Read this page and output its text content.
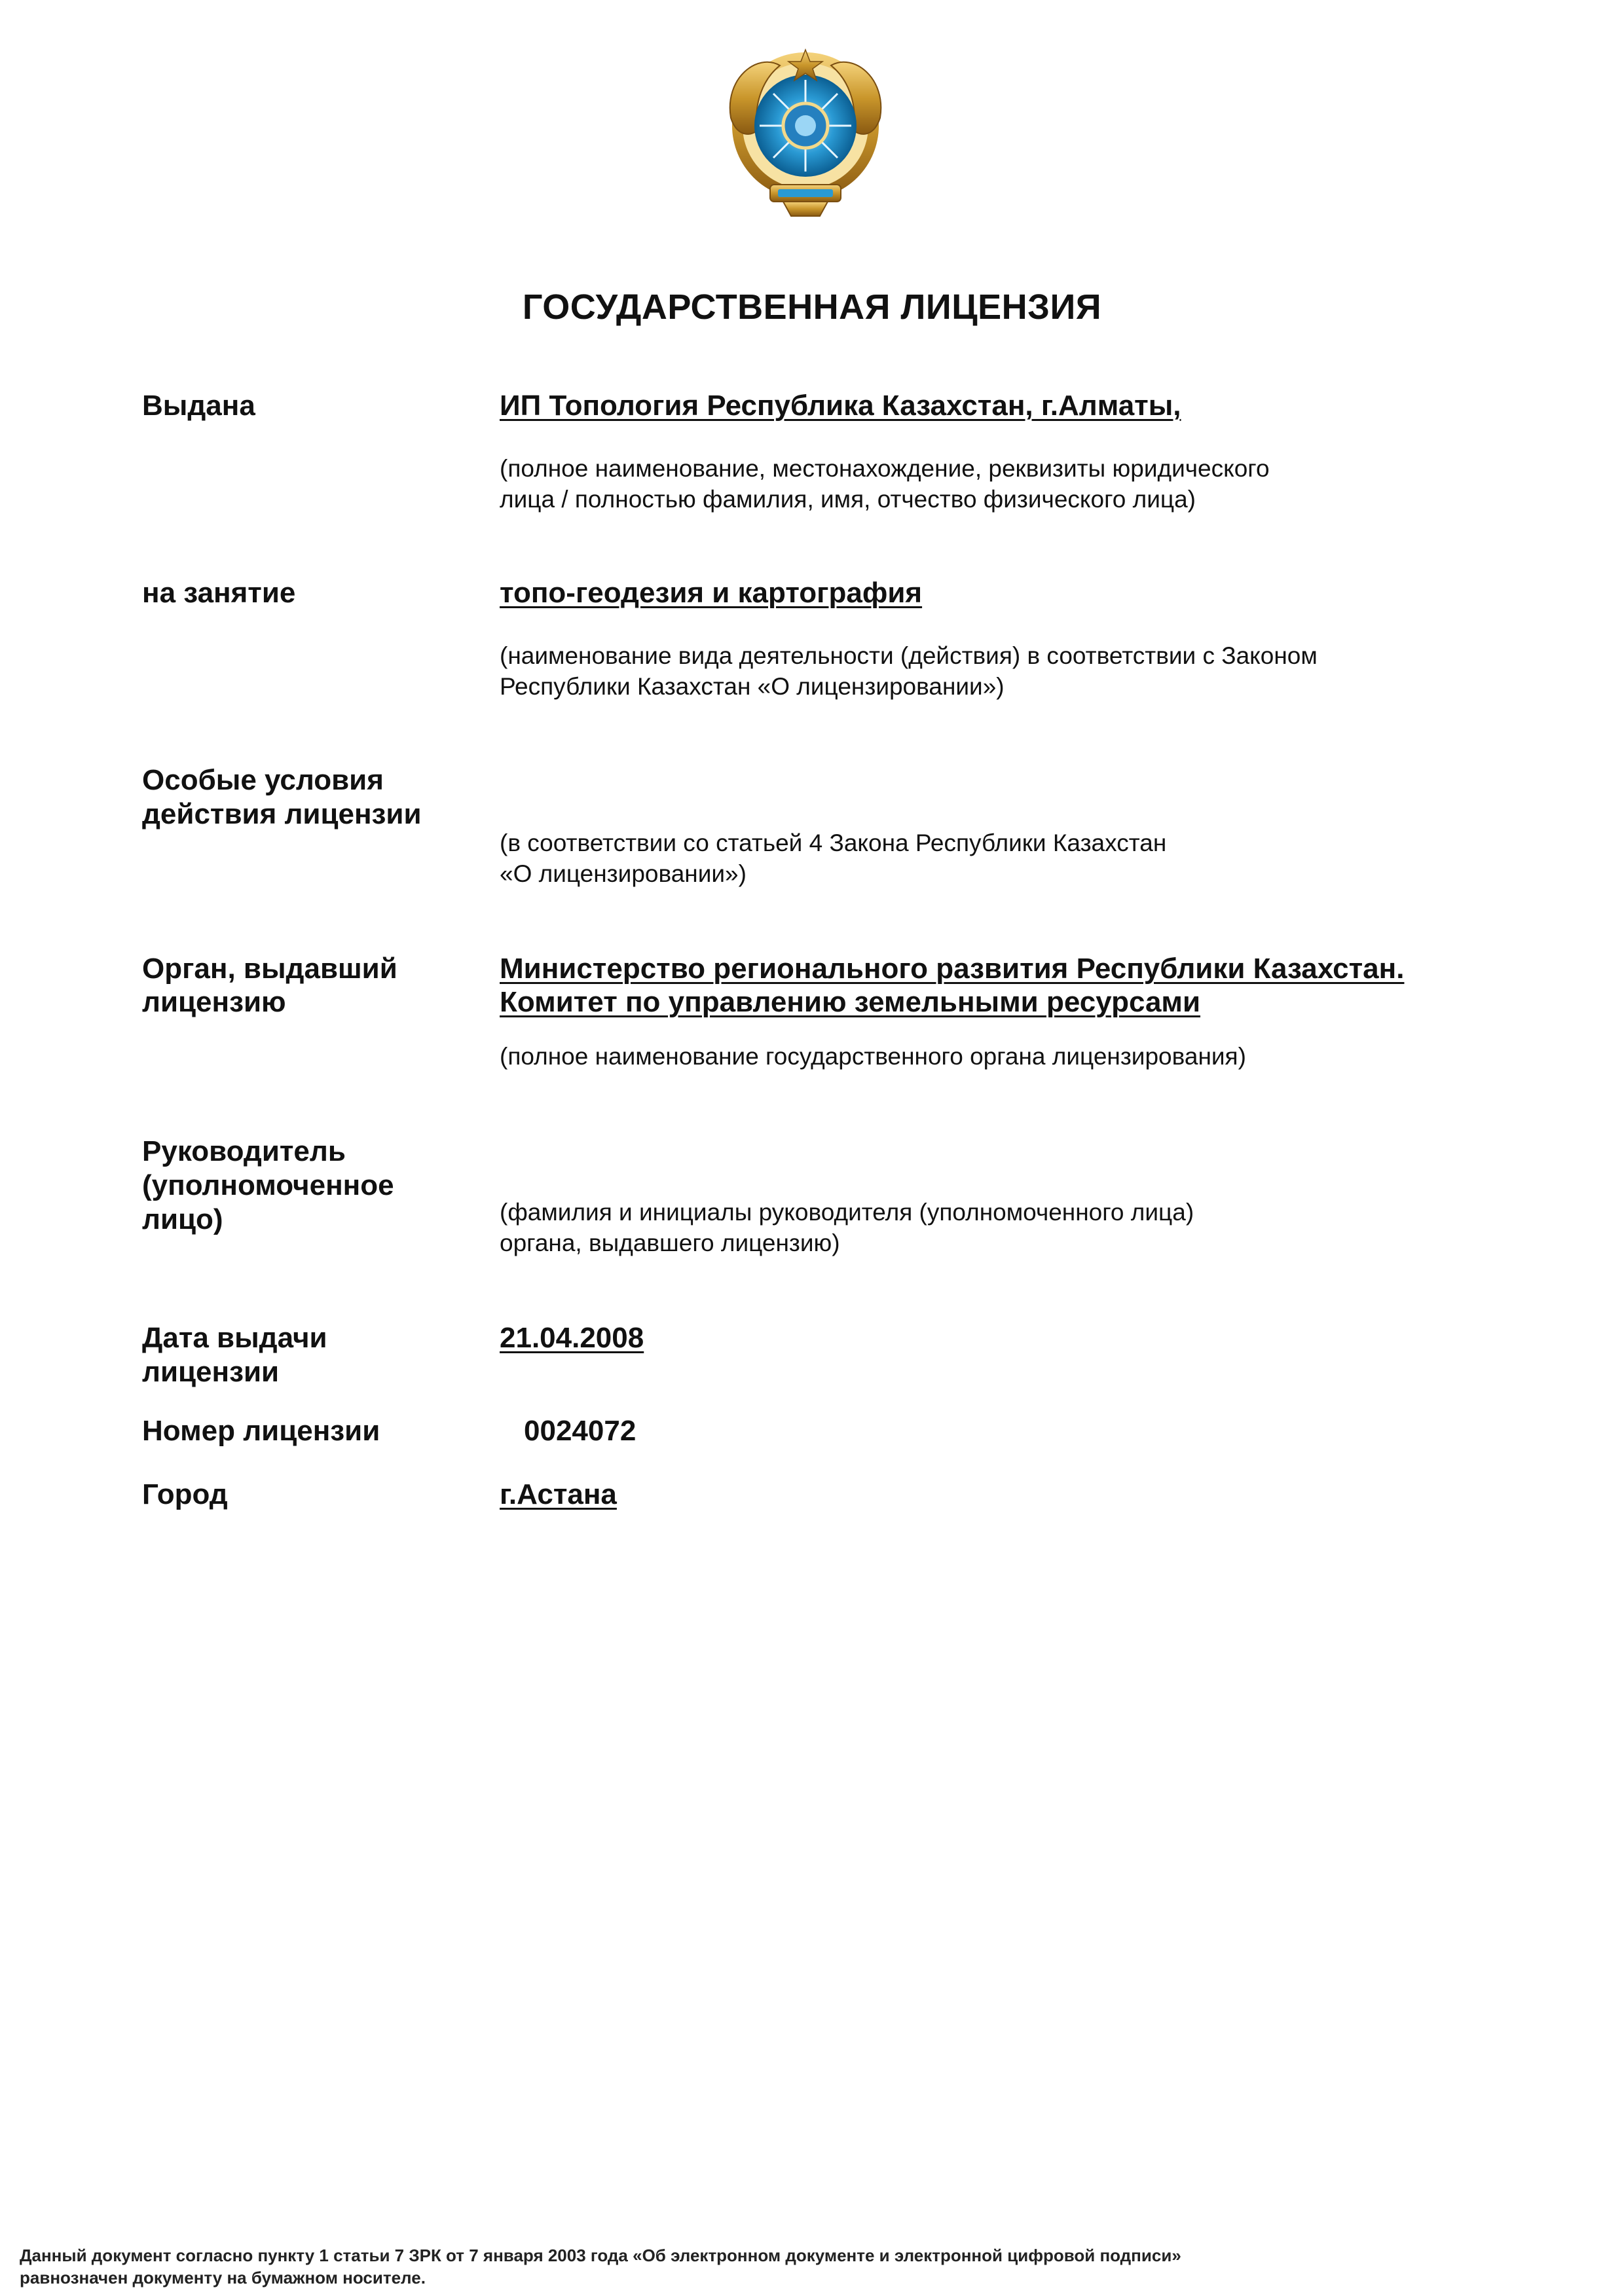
ГОСУДАРСТВЕННАЯ ЛИЦЕНЗИЯ
Выдана	ИП Топология Республика Казахстан, г.Алматы,
(полное наименование, местонахождение, реквизиты юридического
лица / полностью фамилия, имя, отчество физического лица)
на занятие	топо-геодезия и картография
(наименование вида деятельности (действия) в соответствии с Законом
Республики Казахстан «О лицензировании»)
Особые условия
действия лицензии
(в соответствии со статьей 4 Закона Республики Казахстан
«О лицензировании»)
Орган, выдавший
лицензию
Министерство регионального развития Республики Казахстан.
Комитет по управлению земельными ресурсами
(полное наименование государственного органа лицензирования)
Руководитель
(уполномоченное
лицо)	(фамилия и инициалы руководителя (уполномоченного лица)
органа, выдавшего лицензию)
Дата выдачи
лицензии
21.04.2008
Номер лицензии	0024072
Город	г.Астана
Данный документ согласно пункту 1 статьи 7 ЗРК от 7 января 2003 года «Об электронном документе и электронной цифровой подписи»
равнозначен документу на бумажном носителе.
